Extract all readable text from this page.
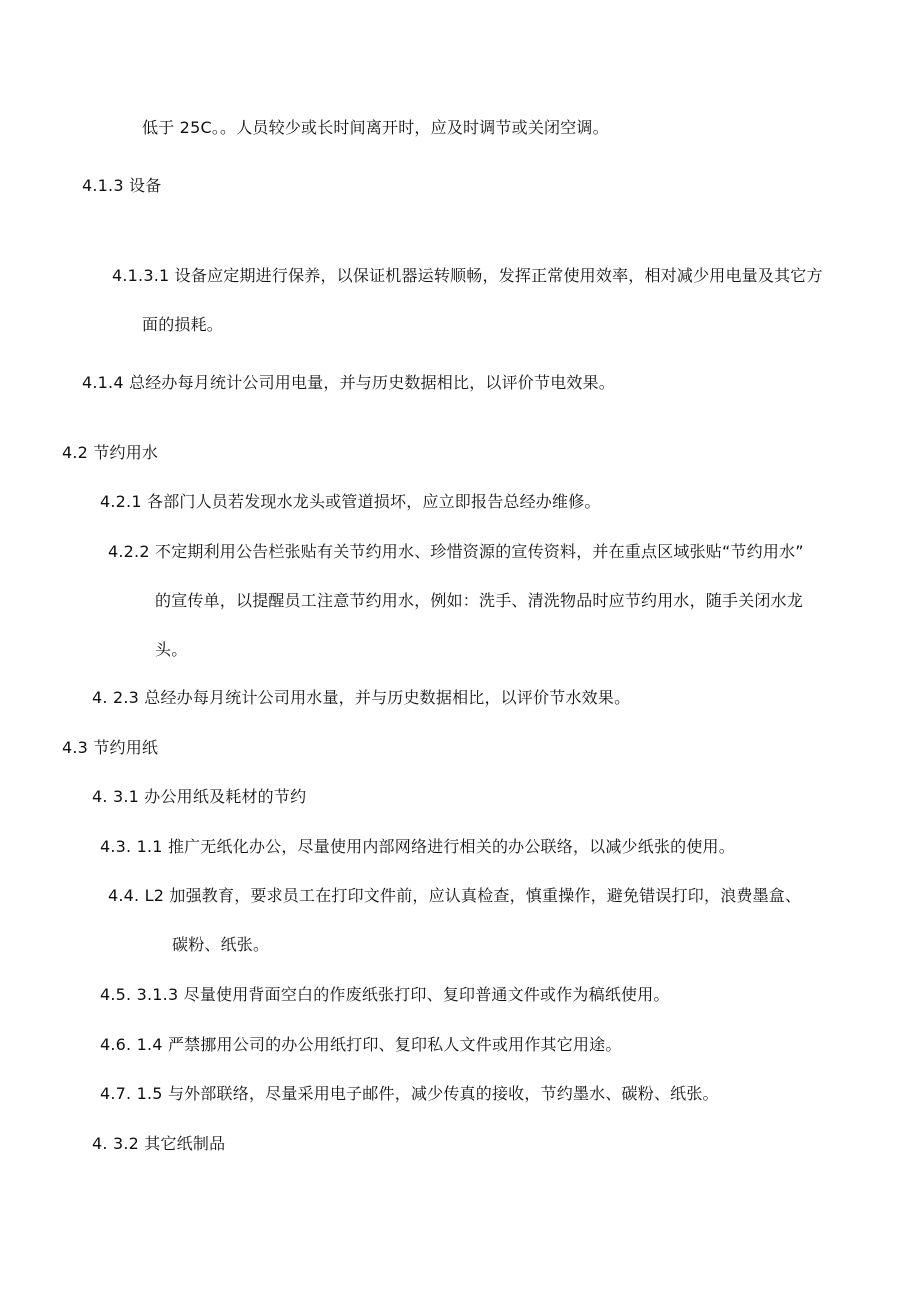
低于 25C。。人员较少或长时间离开时，应及时调节或关闭空调。
4.1.3 设备
4.1.3.1 设备应定期进行保养，以保证机器运转顺畅，发挥正常使用效率，相对减少用电量及其它方
面的损耗。
4.1.4 总经办每月统计公司用电量，并与历史数据相比，以评价节电效果。
4.2 节约用水
4.2.1 各部门人员若发现水龙头或管道损坏，应立即报告总经办维修。
4.2.2 不定期利用公告栏张贴有关节约用水、珍惜资源的宣传资料，并在重点区域张贴“节约用水”
的宣传单，以提醒员工注意节约用水，例如：洗手、清洗物品时应节约用水，随手关闭水龙
头。
4. 2.3 总经办每月统计公司用水量，并与历史数据相比，以评价节水效果。
4.3 节约用纸
4. 3.1 办公用纸及耗材的节约
4.3. 1.1 推广无纸化办公，尽量使用内部网络进行相关的办公联络，以减少纸张的使用。
4.4. L2 加强教育，要求员工在打印文件前，应认真检查，慎重操作，避免错误打印，浪费墨盒、
碳粉、纸张。
4.5. 3.1.3 尽量使用背面空白的作废纸张打印、复印普通文件或作为稿纸使用。
4.6. 1.4 严禁挪用公司的办公用纸打印、复印私人文件或用作其它用途。
4.7. 1.5 与外部联络，尽量采用电子邮件，减少传真的接收，节约墨水、碳粉、纸张。
4. 3.2 其它纸制品
